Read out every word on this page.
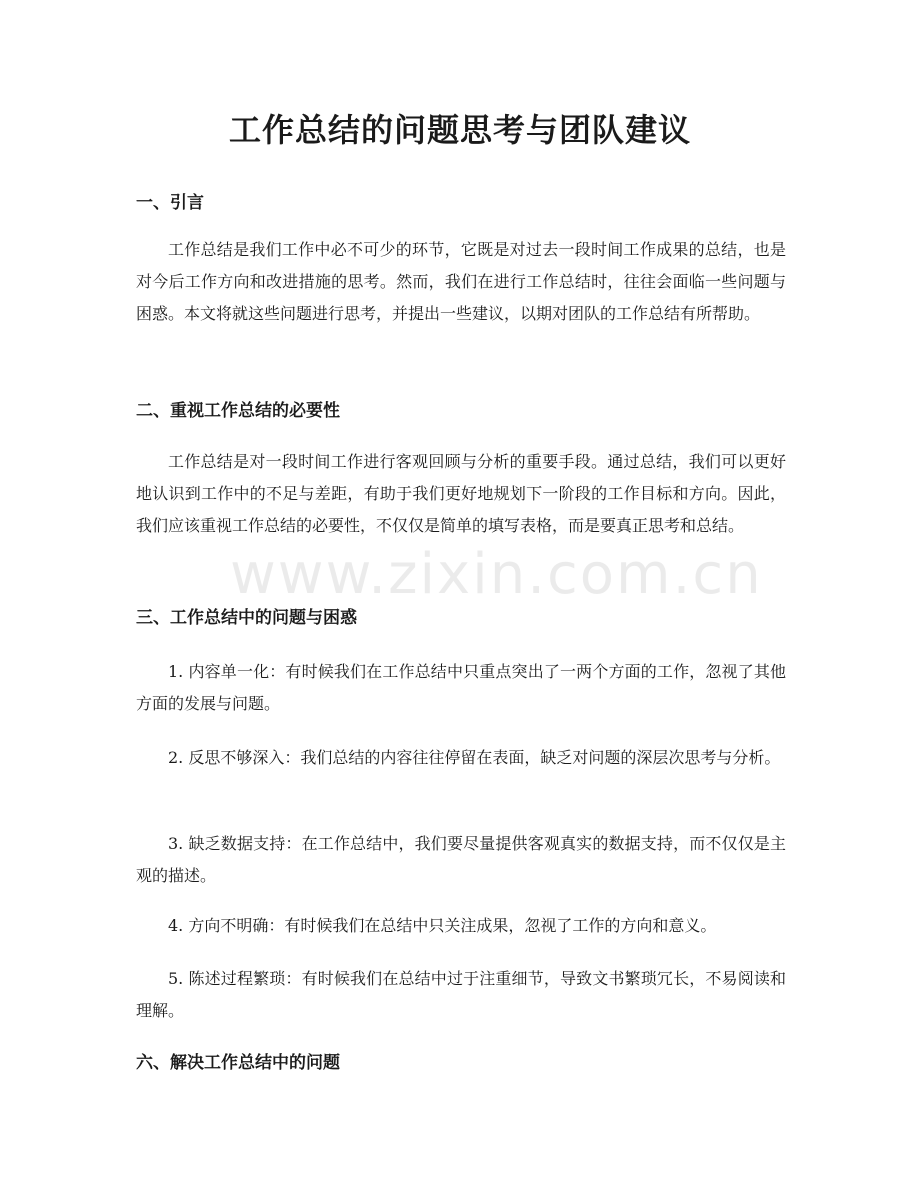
工作总结的问题思考与团队建议
一、引言

工作总结是我们工作中必不可少的环节，它既是对过去一段时间工作成果的总结，也是对今后工作方向和改进措施的思考。然而，我们在进行工作总结时，往往会面临一些问题与困惑。本文将就这些问题进行思考，并提出一些建议，以期对团队的工作总结有所帮助。

二、重视工作总结的必要性

工作总结是对一段时间工作进行客观回顾与分析的重要手段。通过总结，我们可以更好地认识到工作中的不足与差距，有助于我们更好地规划下一阶段的工作目标和方向。因此，我们应该重视工作总结的必要性，不仅仅是简单的填写表格，而是要真正思考和总结。

三、工作总结中的问题与困惑

1. 内容单一化：有时候我们在工作总结中只重点突出了一两个方面的工作，忽视了其他方面的发展与问题。

2. 反思不够深入：我们总结的内容往往停留在表面，缺乏对问题的深层次思考与分析。

3. 缺乏数据支持：在工作总结中，我们要尽量提供客观真实的数据支持，而不仅仅是主观的描述。

4. 方向不明确：有时候我们在总结中只关注成果，忽视了工作的方向和意义。

5. 陈述过程繁琐：有时候我们在总结中过于注重细节，导致文书繁琐冗长，不易阅读和理解。

六、解决工作总结中的问题
www.zixin.com.cn
